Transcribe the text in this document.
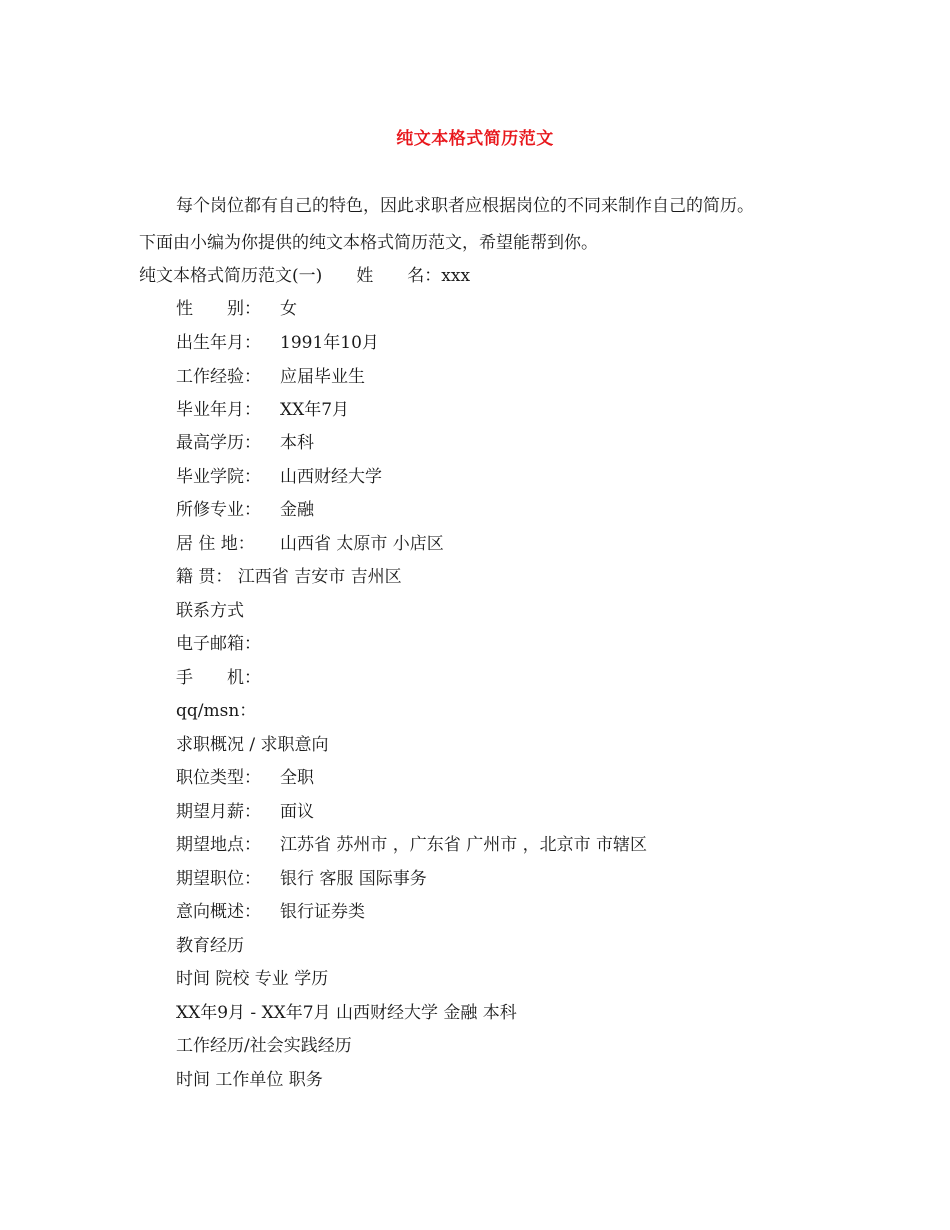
纯文本格式简历范文
每个岗位都有自己的特色，因此求职者应根据岗位的不同来制作自己的简历。
下面由小编为你提供的纯文本格式简历范文，希望能帮到你。
纯文本格式简历范文(一)　　姓　　名：xxx
性　　别： 女
出生年月： 1991年10月
工作经验： 应届毕业生
毕业年月： XX年7月
最高学历： 本科
毕业学院： 山西财经大学
所修专业： 金融
居 住 地： 山西省 太原市 小店区
籍 贯： 江西省 吉安市 吉州区
联系方式
电子邮箱：
手　　机：
qq/msn：
求职概况 / 求职意向
职位类型： 全职
期望月薪： 面议
期望地点： 江苏省 苏州市 ，广东省 广州市 ，北京市 市辖区
期望职位： 银行 客服 国际事务
意向概述： 银行证券类
教育经历
时间 院校 专业 学历
XX年9月 - XX年7月 山西财经大学 金融 本科
工作经历/社会实践经历
时间 工作单位 职务
